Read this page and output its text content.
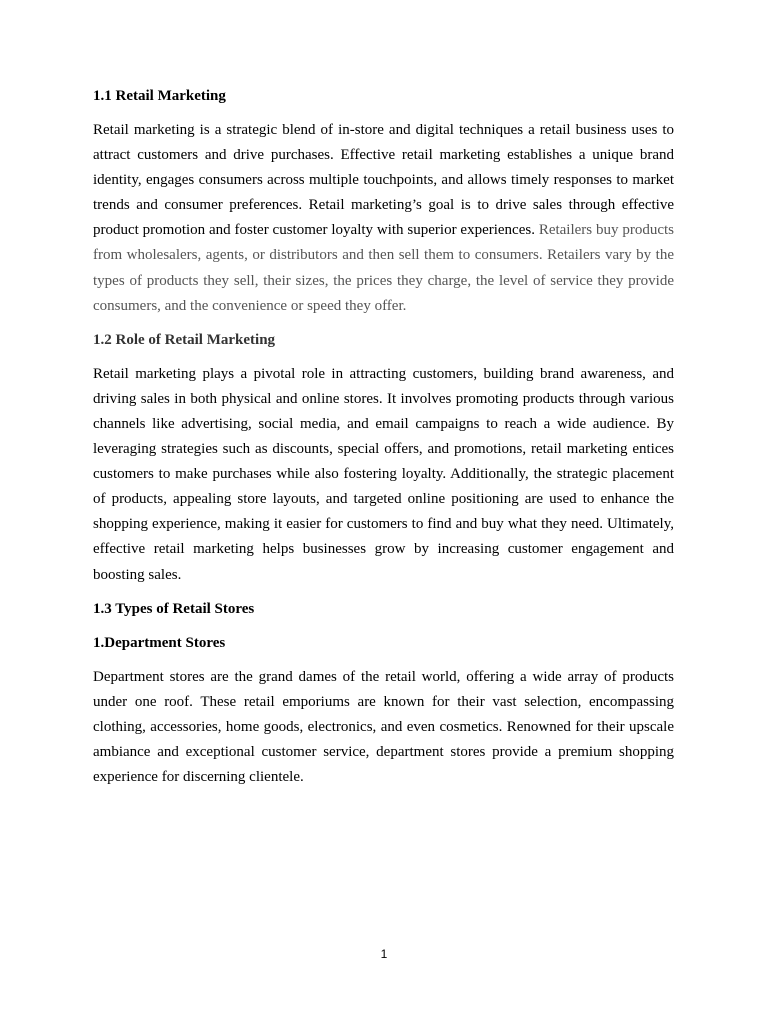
1.1 Retail Marketing

Retail marketing is a strategic blend of in-store and digital techniques a retail business uses to attract customers and drive purchases. Effective retail marketing establishes a unique brand identity, engages consumers across multiple touchpoints, and allows timely responses to market trends and consumer preferences. Retail marketing’s goal is to drive sales through effective product promotion and foster customer loyalty with superior experiences. Retailers buy products from wholesalers, agents, or distributors and then sell them to consumers. Retailers vary by the types of products they sell, their sizes, the prices they charge, the level of service they provide consumers, and the convenience or speed they offer.

1.2 Role of Retail Marketing

Retail marketing plays a pivotal role in attracting customers, building brand awareness, and driving sales in both physical and online stores. It involves promoting products through various channels like advertising, social media, and email campaigns to reach a wide audience. By leveraging strategies such as discounts, special offers, and promotions, retail marketing entices customers to make purchases while also fostering loyalty. Additionally, the strategic placement of products, appealing store layouts, and targeted online positioning are used to enhance the shopping experience, making it easier for customers to find and buy what they need. Ultimately, effective retail marketing helps businesses grow by increasing customer engagement and boosting sales.

1.3 Types of Retail Stores
1.Department Stores

Department stores are the grand dames of the retail world, offering a wide array of products under one roof. These retail emporiums are known for their vast selection, encompassing clothing, accessories, home goods, electronics, and even cosmetics. Renowned for their upscale ambiance and exceptional customer service, department stores provide a premium shopping experience for discerning clientele.

1
